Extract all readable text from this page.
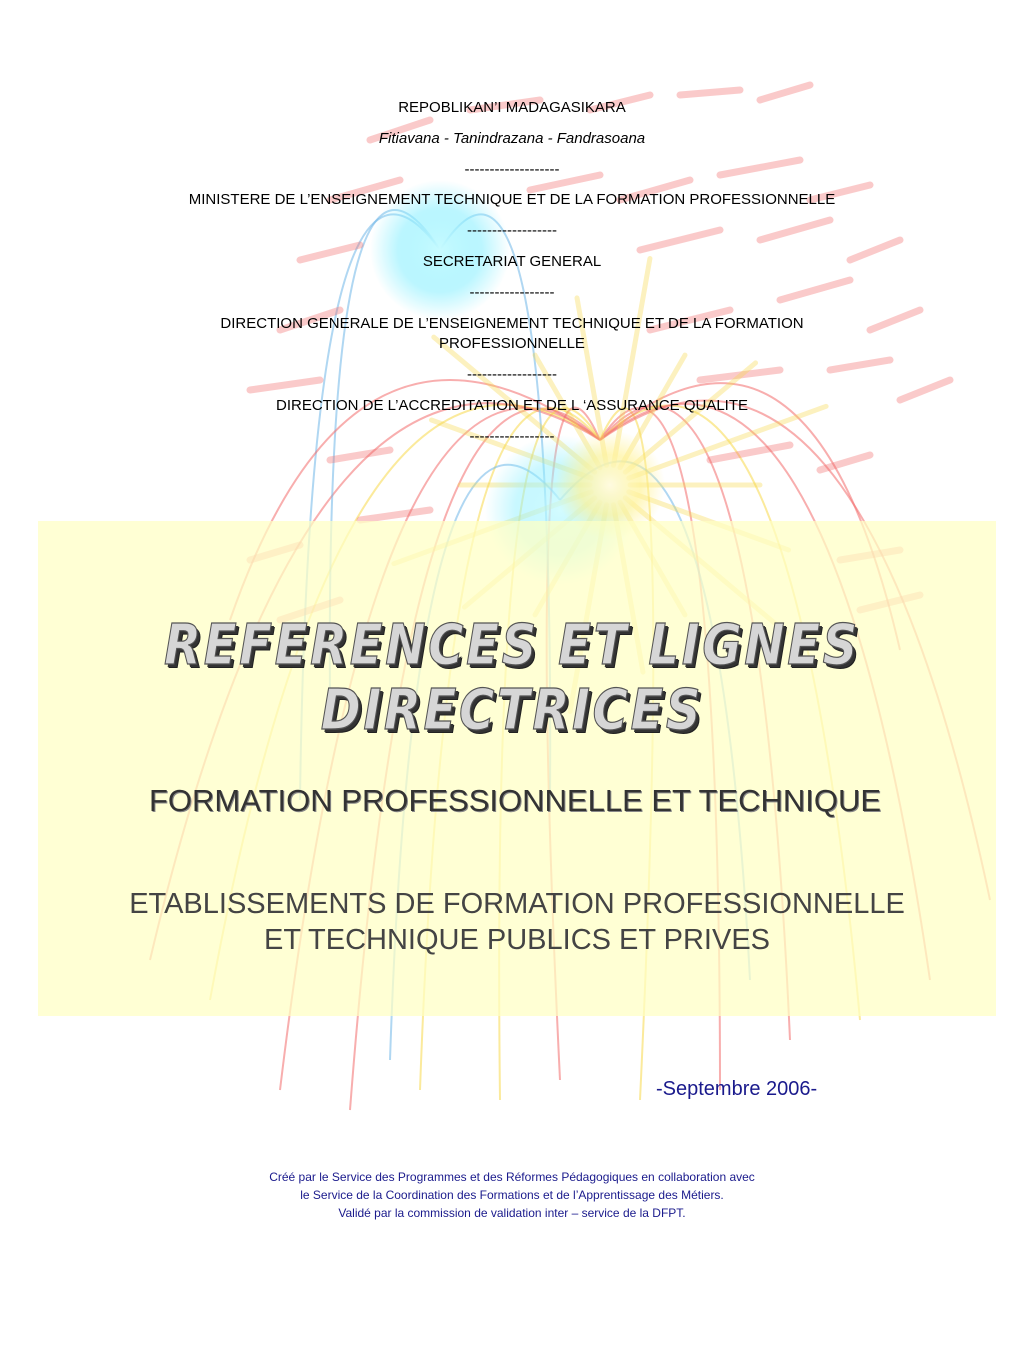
REPOBLIKAN’I MADAGASIKARA

Fitiavana - Tanindrazana - Fandrasoana

-------------------

MINISTERE DE L’ENSEIGNEMENT TECHNIQUE ET DE LA FORMATION PROFESSIONNELLE

------------------

SECRETARIAT GENERAL

-----------------

DIRECTION GENERALE DE L’ENSEIGNEMENT TECHNIQUE ET DE LA FORMATION

PROFESSIONNELLE

------------------

DIRECTION DE L’ACCREDITATION ET DE L ‘ASSURANCE QUALITE

-----------------

REFERENCES ET LIGNES DIRECTRICES
FORMATION PROFESSIONNELLE ET TECHNIQUE
ETABLISSEMENTS DE FORMATION PROFESSIONNELLE
ET TECHNIQUE PUBLICS ET PRIVES
-Septembre 2006-
Créé par le Service des Programmes et des Réformes Pédagogiques en collaboration avec
le Service de la Coordination des Formations et de l’Apprentissage des Métiers.
Validé par la commission de validation inter – service de la DFPT.
